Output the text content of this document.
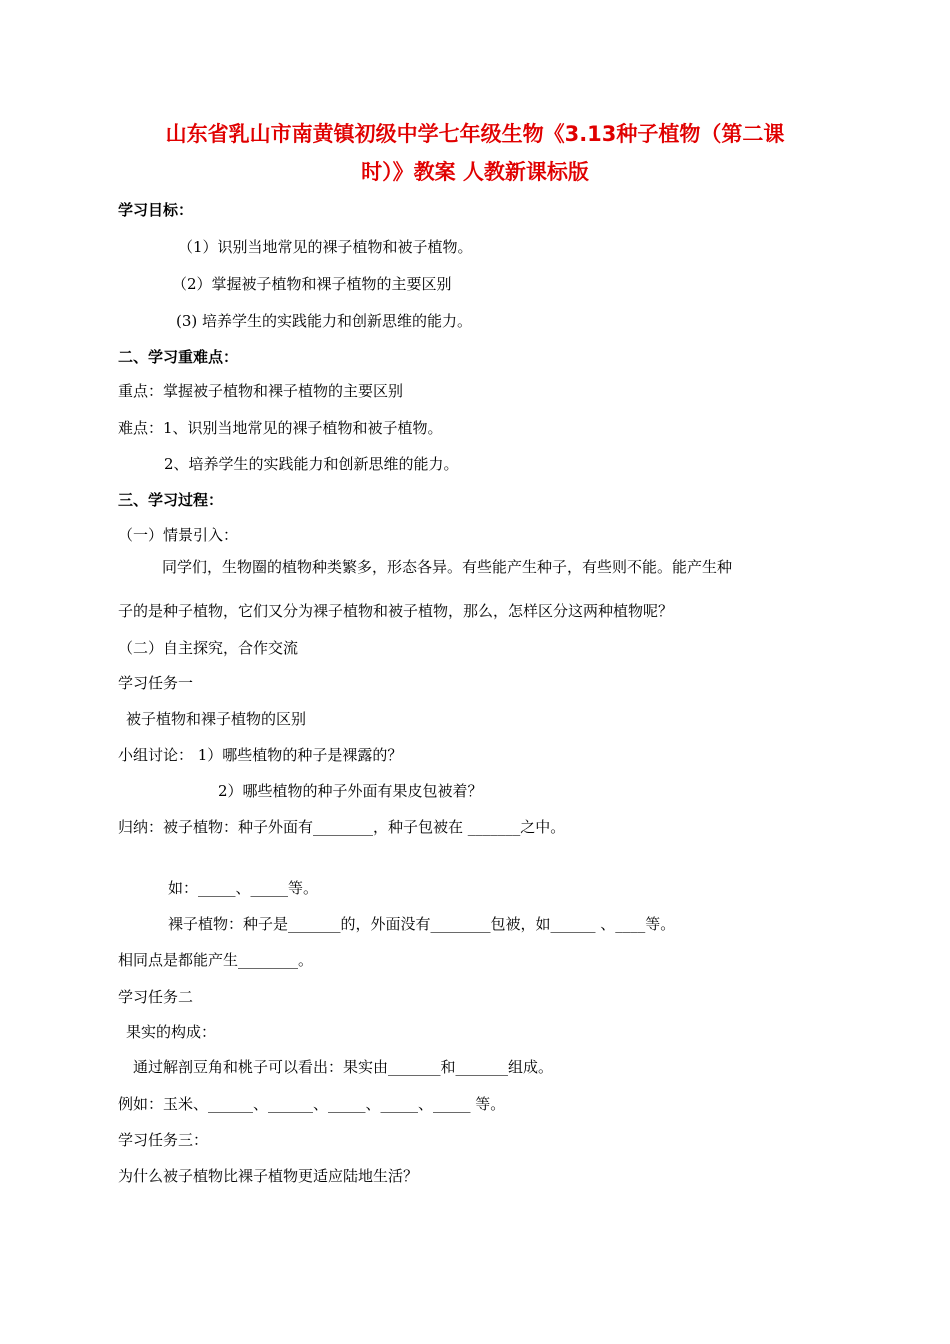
山东省乳山市南黄镇初级中学七年级生物《3.13种子植物（第二课
时）》教案 人教新课标版
学习目标：
（1）识别当地常见的裸子植物和被子植物。
（2）掌握被子植物和裸子植物的主要区别
(3) 培养学生的实践能力和创新思维的能力。
二、学习重难点：
重点：掌握被子植物和裸子植物的主要区别
难点：1、识别当地常见的裸子植物和被子植物。
2、培养学生的实践能力和创新思维的能力。
三、学习过程：
（一）情景引入：
同学们，生物圈的植物种类繁多，形态各异。有些能产生种子，有些则不能。能产生种
子的是种子植物，它们又分为裸子植物和被子植物，那么，怎样区分这两种植物呢？
（二）自主探究，合作交流
学习任务一
被子植物和裸子植物的区别
小组讨论： 1）哪些植物的种子是裸露的？
2）哪些植物的种子外面有果皮包被着？
归纳：被子植物：种子外面有________，种子包被在 _______之中。
如：_____、_____等。
裸子植物：种子是_______的，外面没有________包被，如______ 、____等。
相同点是都能产生________。
学习任务二
果实的构成：
通过解剖豆角和桃子可以看出：果实由_______和_______组成。
例如：玉米、______、______、_____、_____、_____ 等。
学习任务三：
为什么被子植物比裸子植物更适应陆地生活？
